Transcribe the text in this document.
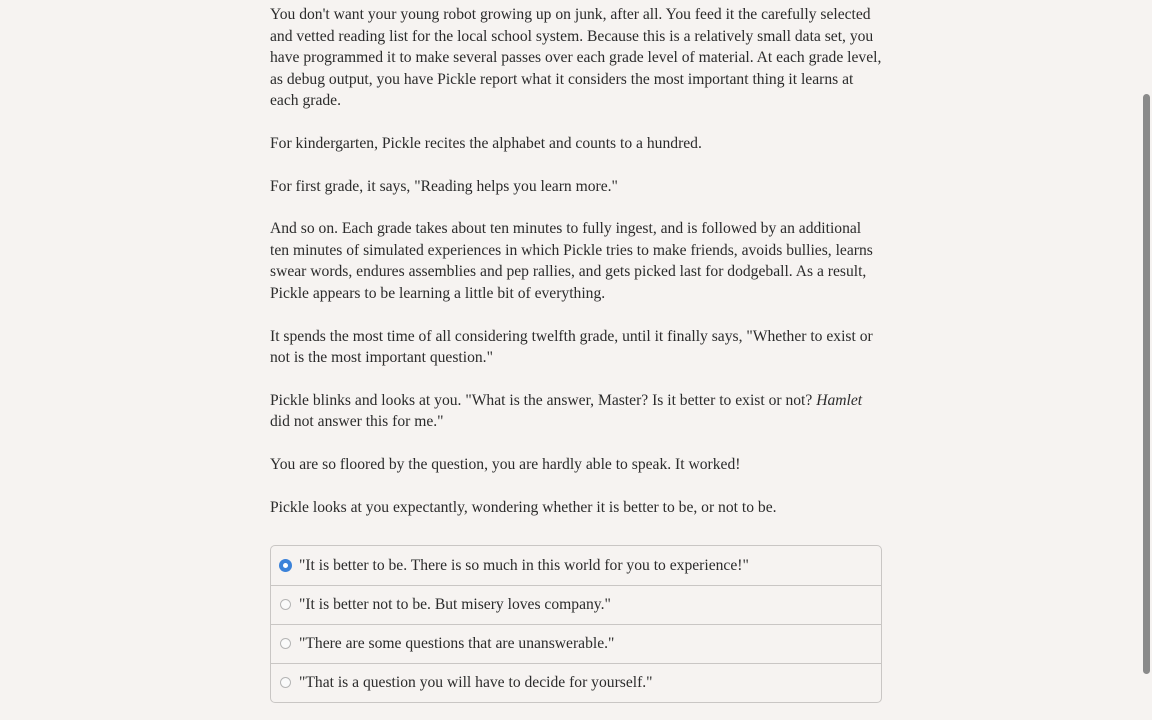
You don't want your young robot growing up on junk, after all. You feed it the carefully selected and vetted reading list for the local school system. Because this is a relatively small data set, you have programmed it to make several passes over each grade level of material. At each grade level, as debug output, you have Pickle report what it considers the most important thing it learns at each grade.

For kindergarten, Pickle recites the alphabet and counts to a hundred.

For first grade, it says, "Reading helps you learn more."

And so on. Each grade takes about ten minutes to fully ingest, and is followed by an additional ten minutes of simulated experiences in which Pickle tries to make friends, avoids bullies, learns swear words, endures assemblies and pep rallies, and gets picked last for dodgeball. As a result, Pickle appears to be learning a little bit of everything.

It spends the most time of all considering twelfth grade, until it finally says, "Whether to exist or not is the most important question."

Pickle blinks and looks at you. "What is the answer, Master? Is it better to exist or not? Hamlet did not answer this for me."

You are so floored by the question, you are hardly able to speak. It worked!

Pickle looks at you expectantly, wondering whether it is better to be, or not to be.

"It is better to be. There is so much in this world for you to experience!"
"It is better not to be. But misery loves company."
"There are some questions that are unanswerable."
"That is a question you will have to decide for yourself."
